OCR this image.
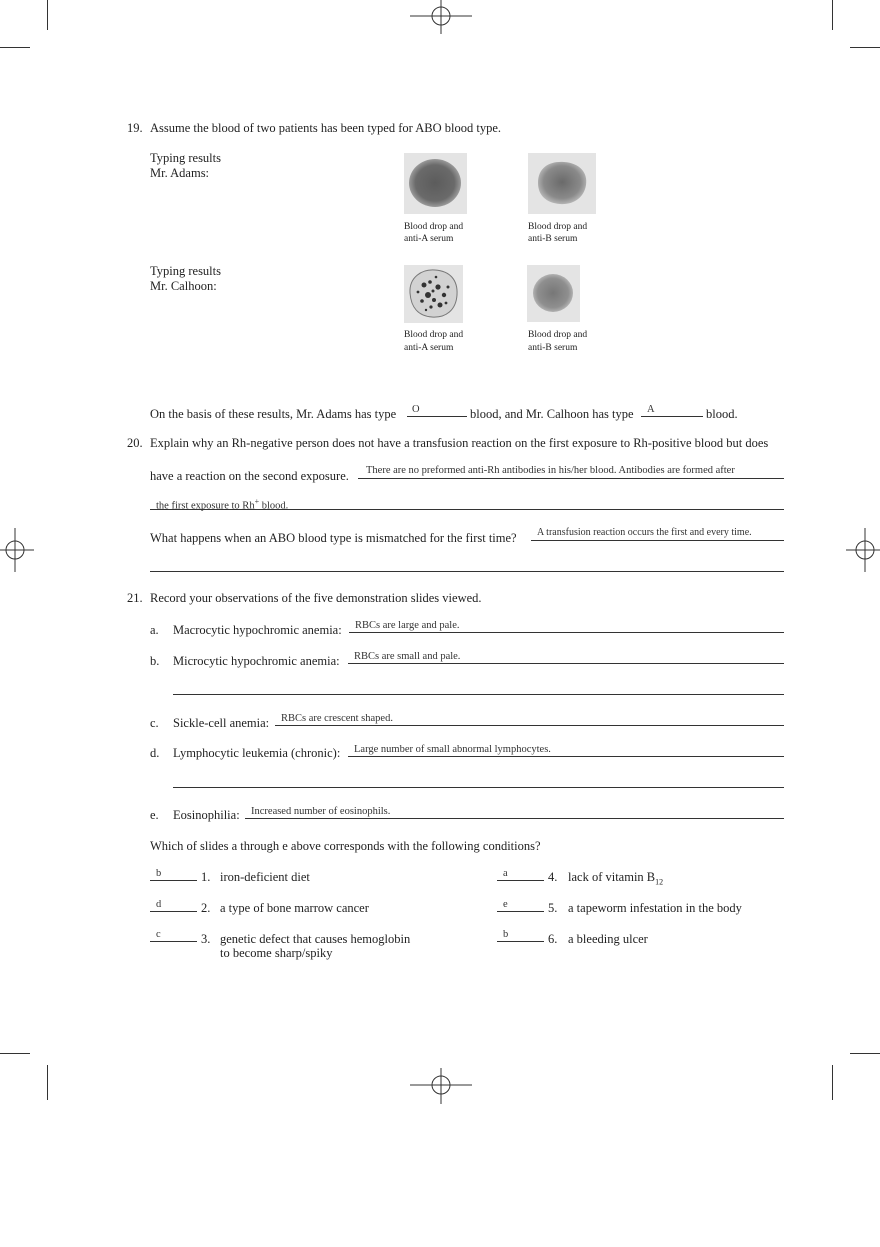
19. Assume the blood of two patients has been typed for ABO blood type.
Typing results
Mr. Adams:
Blood drop and
anti-A serum
Blood drop and
anti-B serum
Typing results
Mr. Calhoon:
Blood drop and
anti-A serum
Blood drop and
anti-B serum
On the basis of these results, Mr. Adams has type O	blood, and Mr. Calhoon has type A	blood.
20. Explain why an Rh-negative person does not have a transfusion reaction on the first exposure to Rh-positive blood but does
have a reaction on the second exposure. There are no preformed anti-Rh antibodies in his/her blood. Antibodies are formed after
the first exposure to Rh+ blood.
What happens when an ABO blood type is mismatched for the first time? A transfusion reaction occurs the first and every time.
21. Record your observations of the five demonstration slides viewed.
a. Macrocytic hypochromic anemia: RBCs are large and pale.
b. Microcytic hypochromic anemia: RBCs are small and pale.
c. Sickle-cell anemia: RBCs are crescent shaped.
d. Lymphocytic leukemia (chronic): Large number of small abnormal lymphocytes.
e. Eosinophilia: Increased number of eosinophils.
Which of slides a through e above corresponds with the following conditions?
b	1. iron-deficient diet
d	2. a type of bone marrow cancer
c	3. genetic defect that causes hemoglobin
to become sharp/spiky
a	4. lack of vitamin $B_{12}$
e	5. a tapeworm infestation in the body
b	6. a bleeding ulcer
